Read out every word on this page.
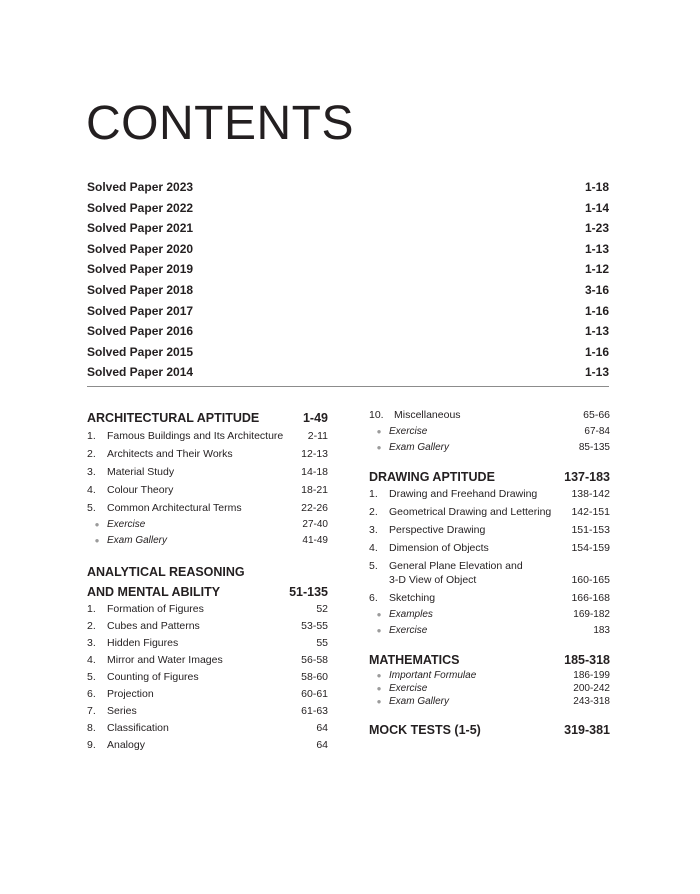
CONTENTS
Solved Paper 2023	1-18
Solved Paper 2022	1-14
Solved Paper 2021	1-23
Solved Paper 2020	1-13
Solved Paper 2019	1-12
Solved Paper 2018	3-16
Solved Paper 2017	1-16
Solved Paper 2016	1-13
Solved Paper 2015	1-16
Solved Paper 2014	1-13
ARCHITECTURAL APTITUDE	1-49
1.	Famous Buildings and Its Architecture	2-11
2.	Architects and Their Works	12-13
3.	Material Study	14-18
4.	Colour Theory	18-21
5.	Common Architectural Terms	22-26
● Exercise	27-40
● Exam Gallery	41-49
ANALYTICAL REASONING
AND MENTAL ABILITY	51-135
1.	Formation of Figures	52
2.	Cubes and Patterns	53-55
3.	Hidden Figures	55
4.	Mirror and Water Images	56-58
5.	Counting of Figures	58-60
6.	Projection	60-61
7.	Series	61-63
8.	Classification	64
9.	Analogy	64
10. Miscellaneous	65-66
● Exercise	67-84
● Exam Gallery	85-135
DRAWING APTITUDE	137-183
1.	Drawing and Freehand Drawing	138-142
2.	Geometrical Drawing and Lettering	142-151
3.	Perspective Drawing	151-153
4.	Dimension of Objects	154-159
5.	General Plane Elevation and
3-D View of Object	160-165
6.	Sketching	166-168
● Examples	169-182
● Exercise	183
MATHEMATICS	185-318
● Important Formulae	186-199
● Exercise	200-242
● Exam Gallery	243-318
MOCK TESTS (1-5)	319-381
